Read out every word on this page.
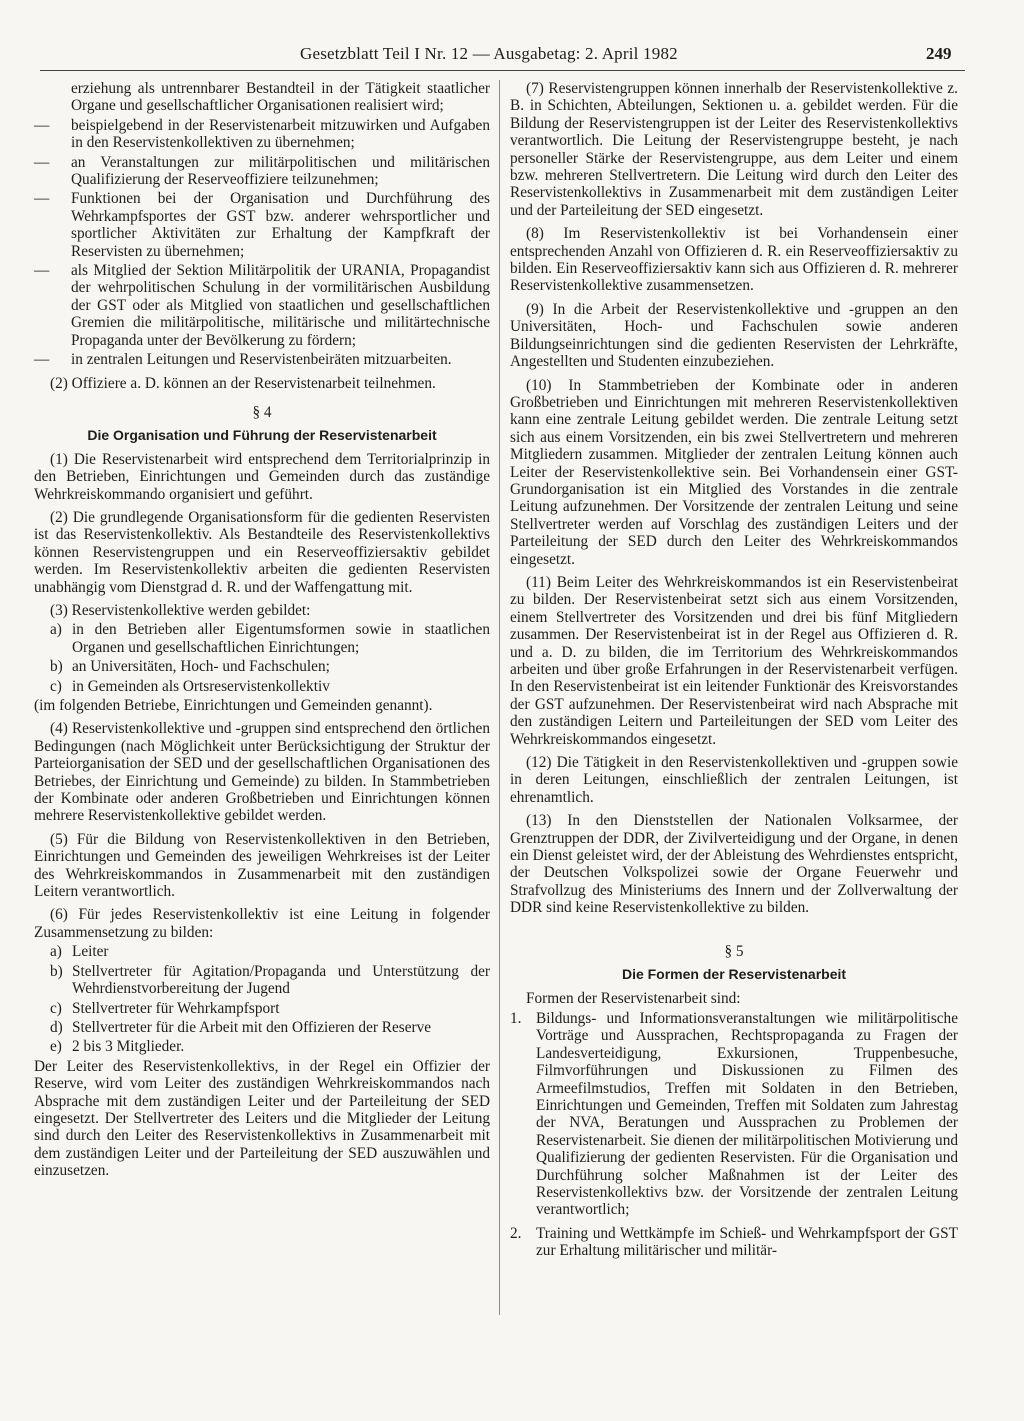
Gesetzblatt Teil I Nr. 12 — Ausgabetag: 2. April 1982	249
erziehung als untrennbarer Bestandteil in der Tätigkeit staatlicher Organe und gesellschaftlicher Organisationen realisiert wird;
—	beispielgebend in der Reservistenarbeit mitzuwirken und Aufgaben in den Reservistenkollektiven zu übernehmen;
—	an Veranstaltungen zur militärpolitischen und militärischen Qualifizierung der Reserveoffiziere teilzunehmen;
—	Funktionen bei der Organisation und Durchführung des Wehrkampfsportes der GST bzw. anderer wehrsportlicher und sportlicher Aktivitäten zur Erhaltung der Kampfkraft der Reservisten zu übernehmen;
—	als Mitglied der Sektion Militärpolitik der URANIA, Propagandist der wehrpolitischen Schulung in der vormilitärischen Ausbildung der GST oder als Mitglied von staatlichen und gesellschaftlichen Gremien die militärpolitische, militärische und militärtechnische Propaganda unter der Bevölkerung zu fördern;
—	in zentralen Leitungen und Reservistenbeiräten mitzuarbeiten.

(2) Offiziere a. D. können an der Reservistenarbeit teilnehmen.

§ 4
Die Organisation und Führung der Reservistenarbeit

(1) Die Reservistenarbeit wird entsprechend dem Territorialprinzip in den Betrieben, Einrichtungen und Gemeinden durch das zuständige Wehrkreiskommando organisiert und geführt.

(2) Die grundlegende Organisationsform für die gedienten Reservisten ist das Reservistenkollektiv. Als Bestandteile des Reservistenkollektivs können Reservistengruppen und ein Reserveoffiziersaktiv gebildet werden. Im Reservistenkollektiv arbeiten die gedienten Reservisten unabhängig vom Dienstgrad d. R. und der Waffengattung mit.

(3) Reservistenkollektive werden gebildet:

a) in den Betrieben aller Eigentumsformen sowie in staatlichen Organen und gesellschaftlichen Einrichtungen;
b) an Universitäten, Hoch- und Fachschulen;
c) in Gemeinden als Ortsreservistenkollektiv

(im folgenden Betriebe, Einrichtungen und Gemeinden genannt).

(4) Reservistenkollektive und -gruppen sind entsprechend den örtlichen Bedingungen (nach Möglichkeit unter Berücksichtigung der Struktur der Parteiorganisation der SED und der gesellschaftlichen Organisationen des Betriebes, der Einrichtung und Gemeinde) zu bilden. In Stammbetrieben der Kombinate oder anderen Großbetrieben und Einrichtungen können mehrere Reservistenkollektive gebildet werden.

(5) Für die Bildung von Reservistenkollektiven in den Betrieben, Einrichtungen und Gemeinden des jeweiligen Wehrkreises ist der Leiter des Wehrkreiskommandos in Zusammenarbeit mit den zuständigen Leitern verantwortlich.

(6) Für jedes Reservistenkollektiv ist eine Leitung in folgender Zusammensetzung zu bilden:

a) Leiter
b) Stellvertreter für Agitation/Propaganda und Unterstützung der Wehrdienstvorbereitung der Jugend
c) Stellvertreter für Wehrkampfsport
d) Stellvertreter für die Arbeit mit den Offizieren der Reserve
e) 2 bis 3 Mitglieder.

Der Leiter des Reservistenkollektivs, in der Regel ein Offizier der Reserve, wird vom Leiter des zuständigen Wehrkreiskommandos nach Absprache mit dem zuständigen Leiter und der Parteileitung der SED eingesetzt. Der Stellvertreter des Leiters und die Mitglieder der Leitung sind durch den Leiter des Reservistenkollektivs in Zusammenarbeit mit dem zuständigen Leiter und der Parteileitung der SED auszuwählen und einzusetzen.

(7) Reservistengruppen können innerhalb der Reservistenkollektive z. B. in Schichten, Abteilungen, Sektionen u. a. gebildet werden. Für die Bildung der Reservistengruppen ist der Leiter des Reservistenkollektivs verantwortlich. Die Leitung der Reservistengruppe besteht, je nach personeller Stärke der Reservistengruppe, aus dem Leiter und einem bzw. mehreren Stellvertretern. Die Leitung wird durch den Leiter des Reservistenkollektivs in Zusammenarbeit mit dem zuständigen Leiter und der Parteileitung der SED eingesetzt.

(8) Im Reservistenkollektiv ist bei Vorhandensein einer entsprechenden Anzahl von Offizieren d. R. ein Reserveoffiziersaktiv zu bilden. Ein Reserveoffiziersaktiv kann sich aus Offizieren d. R. mehrerer Reservistenkollektive zusammensetzen.

(9) In die Arbeit der Reservistenkollektive und -gruppen an den Universitäten, Hoch- und Fachschulen sowie anderen Bildungseinrichtungen sind die gedienten Reservisten der Lehrkräfte, Angestellten und Studenten einzubeziehen.

(10) In Stammbetrieben der Kombinate oder in anderen Großbetrieben und Einrichtungen mit mehreren Reservistenkollektiven kann eine zentrale Leitung gebildet werden. Die zentrale Leitung setzt sich aus einem Vorsitzenden, ein bis zwei Stellvertretern und mehreren Mitgliedern zusammen. Mitglieder der zentralen Leitung können auch Leiter der Reservistenkollektive sein. Bei Vorhandensein einer GST-Grundorganisation ist ein Mitglied des Vorstandes in die zentrale Leitung aufzunehmen. Der Vorsitzende der zentralen Leitung und seine Stellvertreter werden auf Vorschlag des zuständigen Leiters und der Parteileitung der SED durch den Leiter des Wehrkreiskommandos eingesetzt.

(11) Beim Leiter des Wehrkreiskommandos ist ein Reservistenbeirat zu bilden. Der Reservistenbeirat setzt sich aus einem Vorsitzenden, einem Stellvertreter des Vorsitzenden und drei bis fünf Mitgliedern zusammen. Der Reservistenbeirat ist in der Regel aus Offizieren d. R. und a. D. zu bilden, die im Territorium des Wehrkreiskommandos arbeiten und über große Erfahrungen in der Reservistenarbeit verfügen. In den Reservistenbeirat ist ein leitender Funktionär des Kreisvorstandes der GST aufzunehmen. Der Reservistenbeirat wird nach Absprache mit den zuständigen Leitern und Parteileitungen der SED vom Leiter des Wehrkreiskommandos eingesetzt.

(12) Die Tätigkeit in den Reservistenkollektiven und -gruppen sowie in deren Leitungen, einschließlich der zentralen Leitungen, ist ehrenamtlich.

(13) In den Dienststellen der Nationalen Volksarmee, der Grenztruppen der DDR, der Zivilverteidigung und der Organe, in denen ein Dienst geleistet wird, der der Ableistung des Wehrdienstes entspricht, der Deutschen Volkspolizei sowie der Organe Feuerwehr und Strafvollzug des Ministeriums des Innern und der Zollverwaltung der DDR sind keine Reservistenkollektive zu bilden.

§ 5
Die Formen der Reservistenarbeit

Formen der Reservistenarbeit sind:

1. Bildungs- und Informationsveranstaltungen wie militärpolitische Vorträge und Aussprachen, Rechtspropaganda zu Fragen der Landesverteidigung, Exkursionen, Truppenbesuche, Filmvorführungen und Diskussionen zu Filmen des Armeefilmstudios, Treffen mit Soldaten in den Betrieben, Einrichtungen und Gemeinden, Treffen mit Soldaten zum Jahrestag der NVA, Beratungen und Aussprachen zu Problemen der Reservistenarbeit. Sie dienen der militärpolitischen Motivierung und Qualifizierung der gedienten Reservisten. Für die Organisation und Durchführung solcher Maßnahmen ist der Leiter des Reservistenkollektivs bzw. der Vorsitzende der zentralen Leitung verantwortlich;
2. Training und Wettkämpfe im Schieß- und Wehrkampfsport der GST zur Erhaltung militärischer und militär-
